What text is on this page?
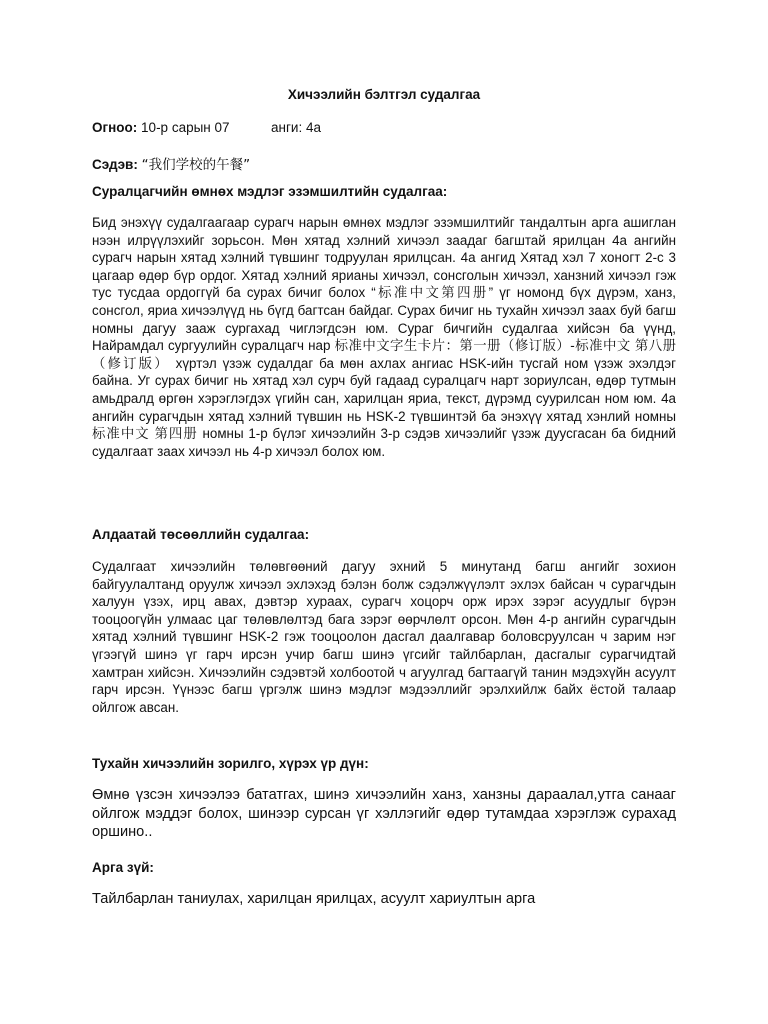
Хичээлийн бэлтгэл судалгаа
Огноо: 10-р сарын 07	анги: 4а
Сэдэв: “我们学校的午餐”
Суралцагчийн өмнөх мэдлэг эзэмшилтийн судалгаа:

Бид энэхүү судалгаагаар сурагч нарын өмнөх мэдлэг эзэмшилтийг тандалтын арга ашиглан нээн илрүүлэхийг зорьсон. Мөн хятад хэлний хичээл заадаг багштай ярилцан 4а ангийн сурагч нарын хятад хэлний түвшинг тодруулан ярилцсан. 4а ангид Хятад хэл 7 хоногт 2-с 3 цагаар өдөр бүр ордог. Хятад хэлний ярианы хичээл, сонсголын хичээл, ханзний хичээл гэж тус тусдаа ордоггүй ба сурах бичиг болох “标准中文第四册” үг номонд бүх дүрэм, ханз, сонсгол, яриа хичээлүүд нь бүгд багтсан байдаг. Сурах бичиг нь тухайн хичээл заах буй багш номны дагуу зааж сургахад чиглэгдсэн юм. Сураг бичгийн судалгаа хийсэн ба үүнд, Найрамдал сургуулийн суралцагч нар 标准中文字生卡片：第一册（修订版）-标准中文 第八册（修订版） хүртэл үзэж судалдаг ба мөн ахлах ангиас HSK-ийн тусгай ном үзэж эхэлдэг байна. Уг сурах бичиг нь хятад хэл сурч буй гадаад суралцагч нарт зориулсан, өдөр тутмын амьдралд өргөн хэрэглэгдэх үгийн сан, харилцан яриа, текст, дүрэмд суурилсан ном юм. 4а ангийн сурагчдын хятад хэлний түвшин нь HSK-2 түвшинтэй ба энэхүү хятад хэнлий номны 标准中文 第四册 номны 1-р бүлэг хичээлийн 3-р сэдэв хичээлийг үзэж дуусгасан ба бидний судалгаат заах хичээл нь 4-р хичээл болох юм.

Алдаатай төсөөллийн судалгаа:

Судалгаат хичээлийн төлөвгөөний дагуу эхний 5 минутанд багш ангийг зохион байгуулалтанд оруулж хичээл эхлэхэд бэлэн болж сэдэлжүүлэлт эхлэх байсан ч сурагчдын халуун үзэх, ирц авах, дэвтэр хураах, сурагч хоцорч орж ирэх зэрэг асуудлыг бүрэн тооцоогүйн улмаас цаг төлөвлөлтэд бага зэрэг өөрчлөлт орсон. Мөн 4-р ангийн сурагчдын хятад хэлний түвшинг HSK-2 гэж тооцоолон дасгал даалгавар боловсруулсан ч зарим нэг үгээгүй шинэ үг гарч ирсэн учир багш шинэ үгсийг тайлбарлан, дасгалыг сурагчидтай хамтран хийсэн. Хичээлийн сэдэвтэй холбоотой ч агуулгад багтаагүй танин мэдэхүйн асуулт гарч ирсэн. Үүнээс багш үргэлж шинэ мэдлэг мэдээллийг эрэлхийлж байх ёстой талаар ойлгож авсан.

Тухайн хичээлийн зорилго, хүрэх үр дүн:

Өмнө үзсэн хичээлээ бататгах, шинэ хичээлийн ханз, ханзны дараалал,утга санааг ойлгож мэддэг болох, шинээр сурсан үг хэллэгийг өдөр тутамдаа хэрэглэж сурахад оршино..

Арга зүй:

Тайлбарлан таниулах, харилцан ярилцах, асуулт хариултын арга
